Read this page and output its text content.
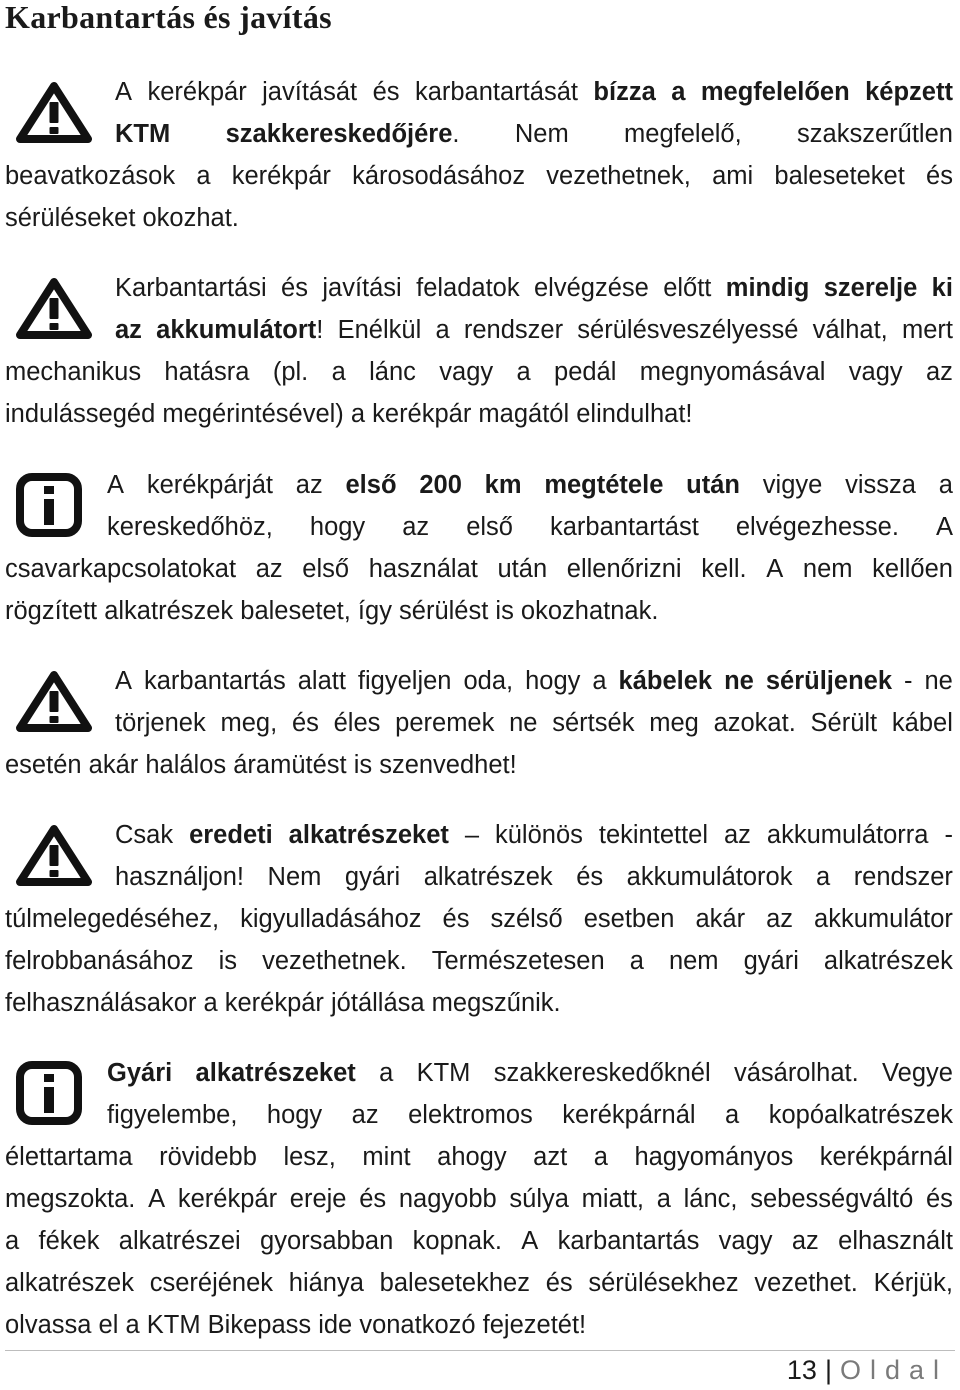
Karbantartás és javítás
A kerékpár javítását és karbantartását bízza a megfelelően képzett
KTM szakkereskedőjére. Nem megfelelő, szakszerűtlen
beavatkozások a kerékpár károsodásához vezethetnek, ami baleseteket és
sérüléseket okozhat.
Karbantartási és javítási feladatok elvégzése előtt mindig szerelje ki
az akkumulátort! Enélkül a rendszer sérülésveszélyessé válhat, mert
mechanikus hatásra (pl. a lánc vagy a pedál megnyomásával vagy az
indulássegéd megérintésével) a kerékpár magától elindulhat!
A kerékpárját az első 200 km megtétele után vigye vissza a
kereskedőhöz, hogy az első karbantartást elvégezhesse. A
csavarkapcsolatokat az első használat után ellenőrizni kell. A nem kellően
rögzített alkatrészek balesetet, így sérülést is okozhatnak.
A karbantartás alatt figyeljen oda, hogy a kábelek ne sérüljenek - ne
törjenek meg, és éles peremek ne sértsék meg azokat. Sérült kábel
esetén akár halálos áramütést is szenvedhet!
Csak eredeti alkatrészeket – különös tekintettel az akkumulátorra -
használjon! Nem gyári alkatrészek és akkumulátorok a rendszer
túlmelegedéséhez, kigyulladásához és szélső esetben akár az akkumulátor
felrobbanásához is vezethetnek. Természetesen a nem gyári alkatrészek
felhasználásakor a kerékpár jótállása megszűnik.
Gyári alkatrészeket a KTM szakkereskedőknél vásárolhat. Vegye
figyelembe, hogy az elektromos kerékpárnál a kopóalkatrészek
élettartama rövidebb lesz, mint ahogy azt a hagyományos kerékpárnál
megszokta. A kerékpár ereje és nagyobb súlya miatt, a lánc, sebességváltó és
a fékek alkatrészei gyorsabban kopnak. A karbantartás vagy az elhasznált
alkatrészek cseréjének hiánya balesetekhez és sérülésekhez vezethet. Kérjük,
olvassa el a KTM Bikepass ide vonatkozó fejezetét!
13 | Oldal
